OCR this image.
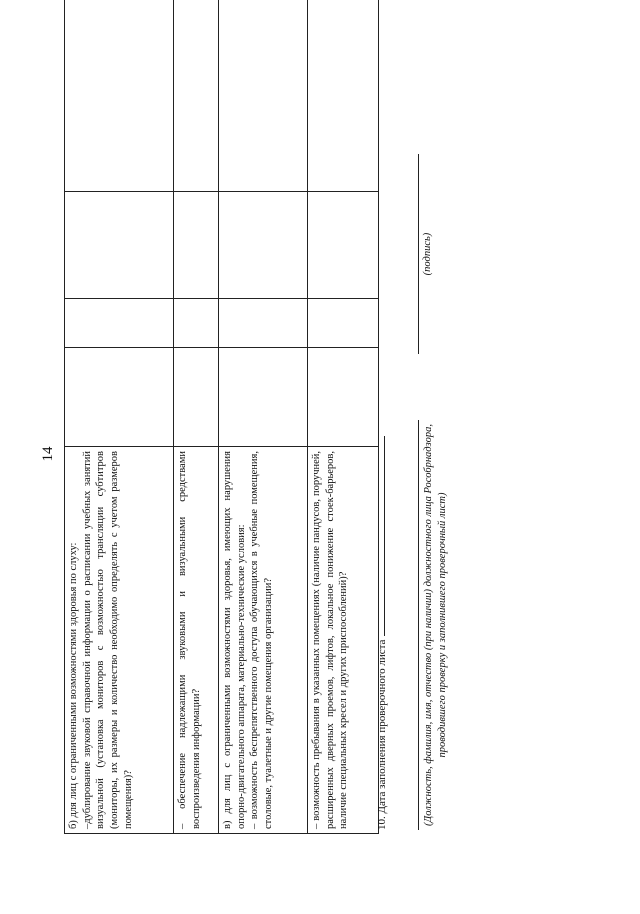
14
б) для лиц с ограниченными возможностями здоровья по слуху: –дублирование звуковой справочной информации о расписании учебных занятий визуальной (установка мониторов с возможностью трансляции субтитров (мониторы, их размеры и количество необходимо определять с учетом размеров помещения)?				

– обеспечение надлежащими звуковыми и визуальными средствами воспроизведения информации?				

в) для лиц с ограниченными возможностями здоровья, имеющих нарушения опорно-двигательного аппарата, материально-технические условия: – возможность беспрепятственного доступа обучающихся в учебные помещения, столовые, туалетные и другие помещения организации?				

– возможность пребывания в указанных помещениях (наличие пандусов, поручней, расширенных дверных проемов, лифтов, локальное понижение стоек-барьеров, наличие специальных кресел и других приспособлений)?				
				10. Дата заполнения проверочного листа	(Должность, фамилия, имя, отчество (при наличии) должностного лица Рособрнадзора, проводившего проверку и заполнившего проверочный лист)
(подпись)
